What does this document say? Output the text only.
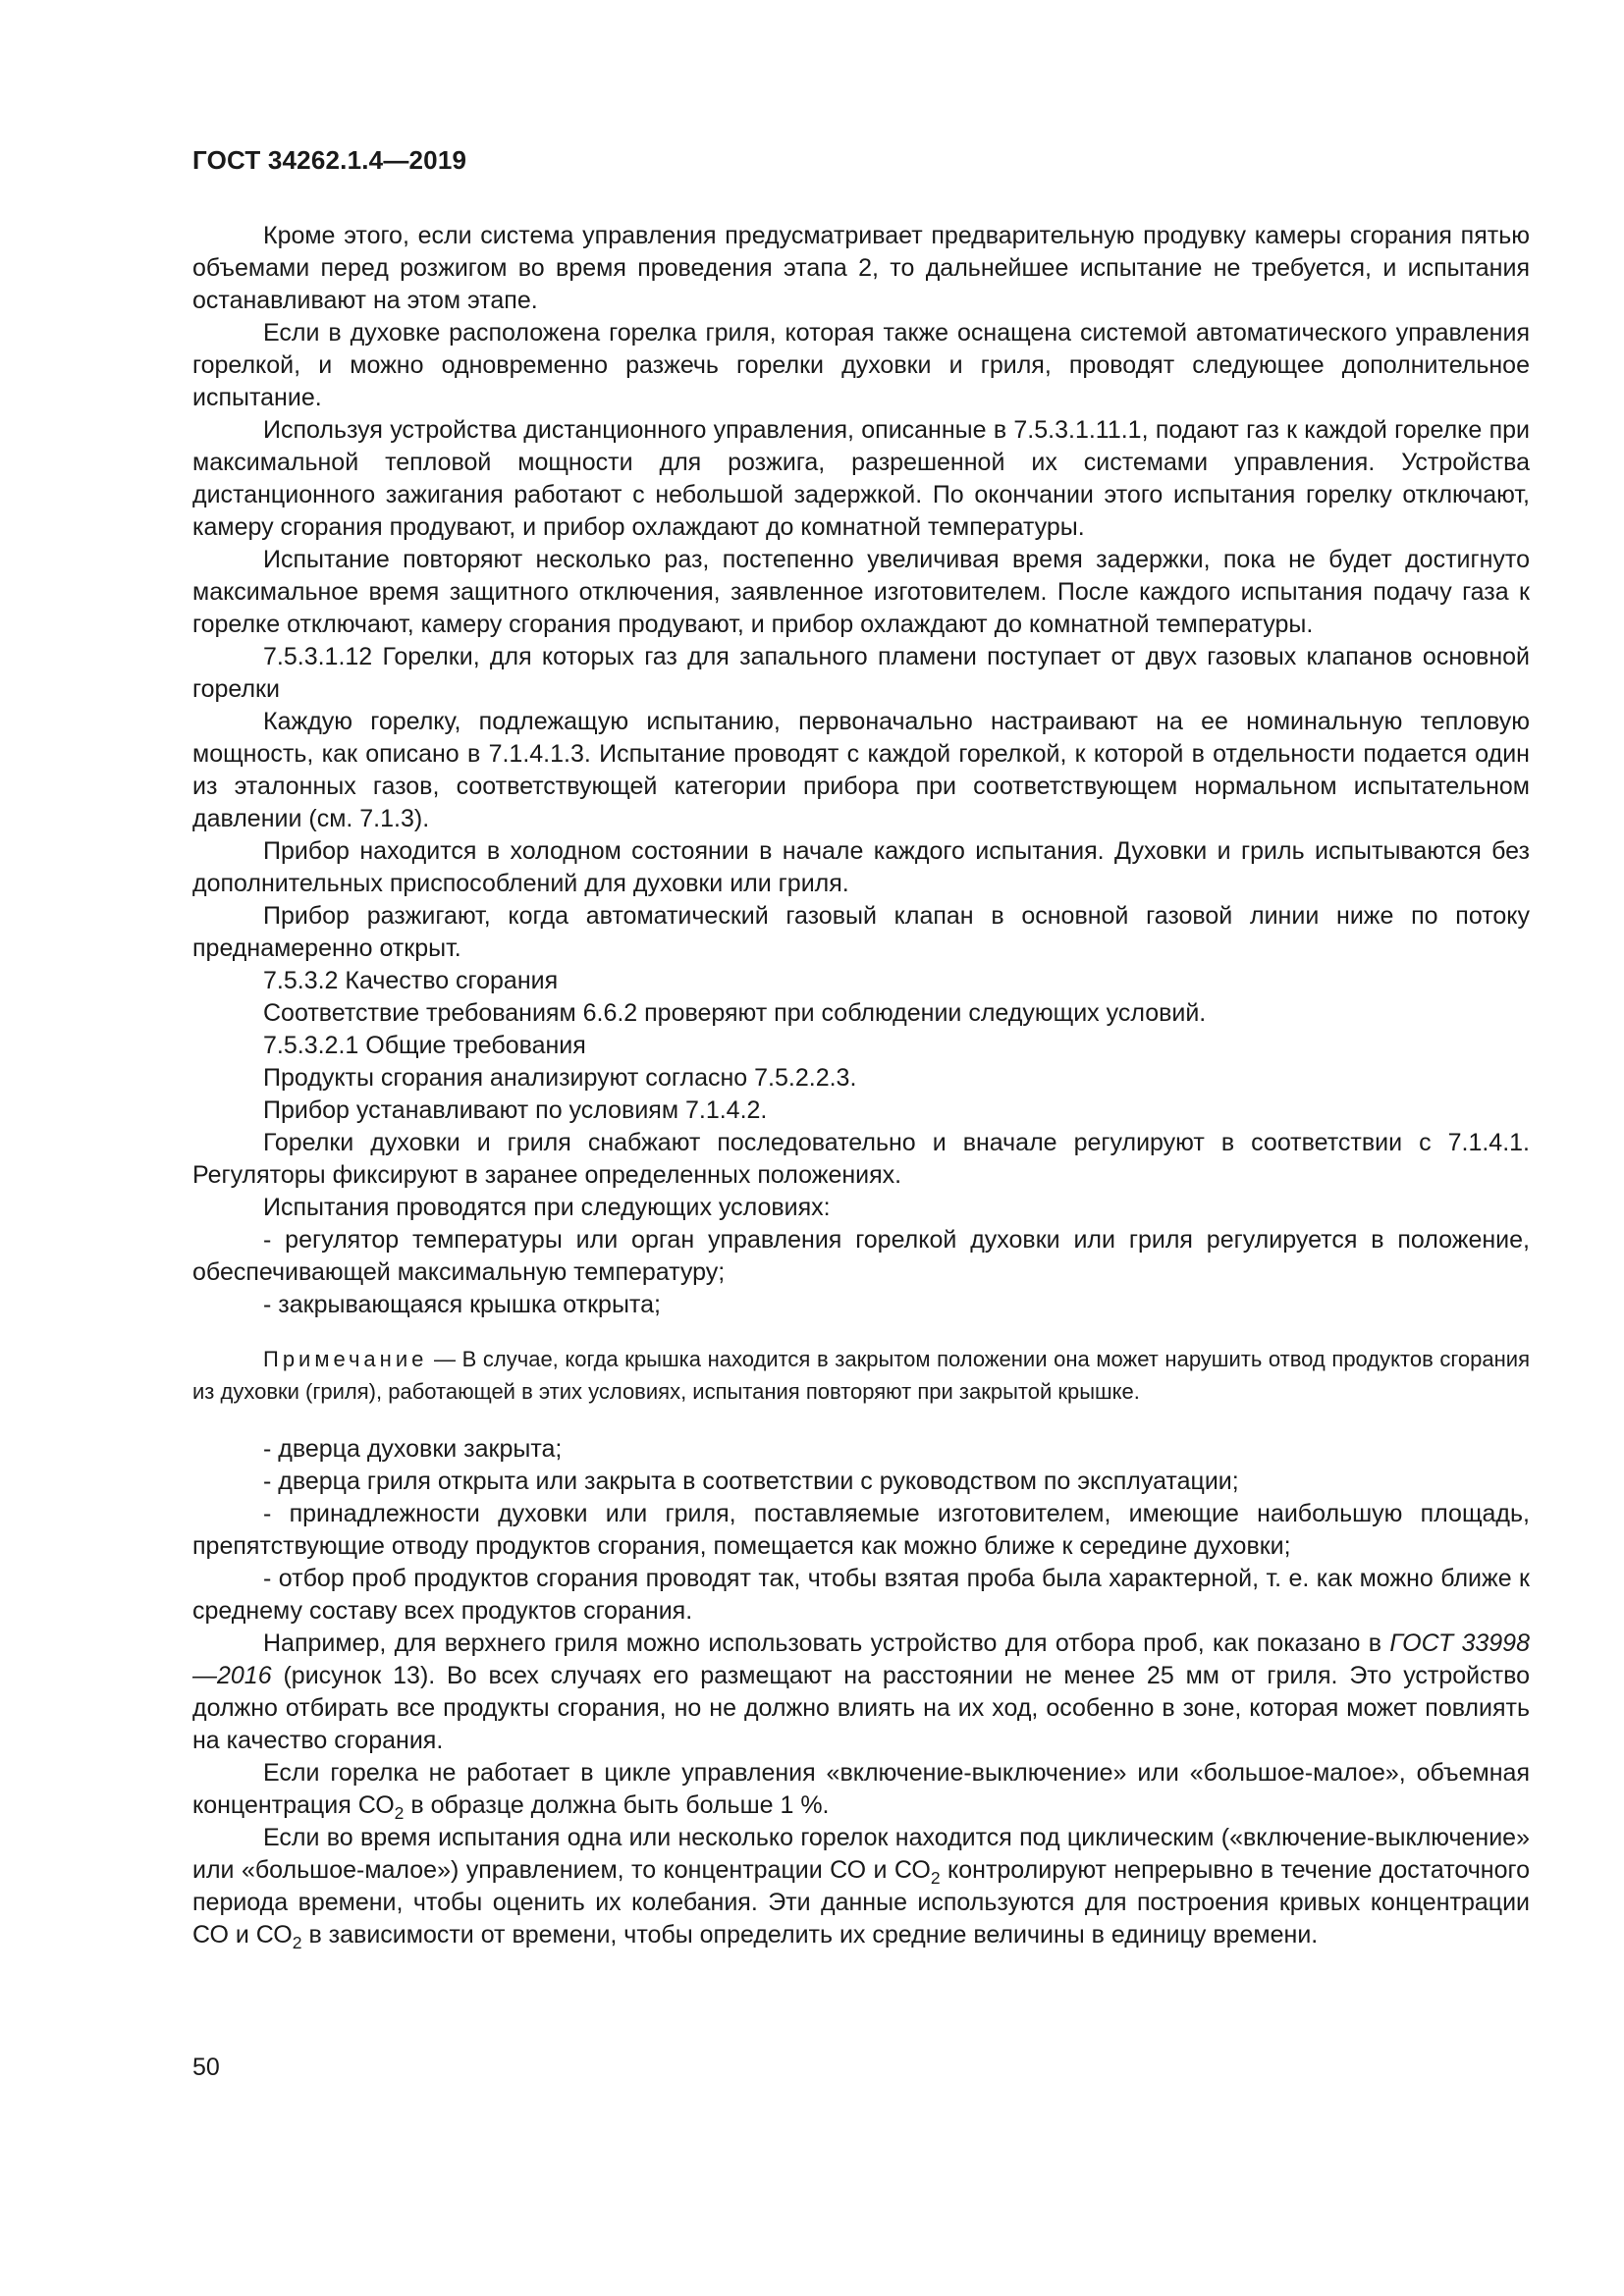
ГОСТ 34262.1.4—2019

Кроме этого, если система управления предусматривает предварительную продувку камеры сгорания пятью объемами перед розжигом во время проведения этапа 2, то дальнейшее испытание не требуется, и испытания останавливают на этом этапе.

Если в духовке расположена горелка гриля, которая также оснащена системой автоматического управления горелкой, и можно одновременно разжечь горелки духовки и гриля, проводят следующее дополнительное испытание.

Используя устройства дистанционного управления, описанные в 7.5.3.1.11.1, подают газ к каждой горелке при максимальной тепловой мощности для розжига, разрешенной их системами управления. Устройства дистанционного зажигания работают с небольшой задержкой. По окончании этого испытания горелку отключают, камеру сгорания продувают, и прибор охлаждают до комнатной температуры.

Испытание повторяют несколько раз, постепенно увеличивая время задержки, пока не будет достигнуто максимальное время защитного отключения, заявленное изготовителем. После каждого испытания подачу газа к горелке отключают, камеру сгорания продувают, и прибор охлаждают до комнатной температуры.

7.5.3.1.12 Горелки, для которых газ для запального пламени поступает от двух газовых клапанов основной горелки

Каждую горелку, подлежащую испытанию, первоначально настраивают на ее номинальную тепловую мощность, как описано в 7.1.4.1.3. Испытание проводят с каждой горелкой, к которой в отдельности подается один из эталонных газов, соответствующей категории прибора при соответствующем нормальном испытательном давлении (см. 7.1.3).

Прибор находится в холодном состоянии в начале каждого испытания. Духовки и гриль испытываются без дополнительных приспособлений для духовки или гриля.

Прибор разжигают, когда автоматический газовый клапан в основной газовой линии ниже по потоку преднамеренно открыт.

7.5.3.2 Качество сгорания

Соответствие требованиям 6.6.2 проверяют при соблюдении следующих условий.

7.5.3.2.1 Общие требования

Продукты сгорания анализируют согласно 7.5.2.2.3.

Прибор устанавливают по условиям 7.1.4.2.

Горелки духовки и гриля снабжают последовательно и вначале регулируют в соответствии с 7.1.4.1. Регуляторы фиксируют в заранее определенных положениях.

Испытания проводятся при следующих условиях:

- регулятор температуры или орган управления горелкой духовки или гриля регулируется в положение, обеспечивающей максимальную температуру;

- закрывающаяся крышка открыта;

Примечание — В случае, когда крышка находится в закрытом положении она может нарушить отвод продуктов сгорания из духовки (гриля), работающей в этих условиях, испытания повторяют при закрытой крышке.

- дверца духовки закрыта;

- дверца гриля открыта или закрыта в соответствии с руководством по эксплуатации;

- принадлежности духовки или гриля, поставляемые изготовителем, имеющие наибольшую площадь, препятствующие отводу продуктов сгорания, помещается как можно ближе к середине духовки;

- отбор проб продуктов сгорания проводят так, чтобы взятая проба была характерной, т. е. как можно ближе к среднему составу всех продуктов сгорания.

Например, для верхнего гриля можно использовать устройство для отбора проб, как показано в ГОСТ 33998—2016 (рисунок 13). Во всех случаях его размещают на расстоянии не менее 25 мм от гриля. Это устройство должно отбирать все продукты сгорания, но не должно влиять на их ход, особенно в зоне, которая может повлиять на качество сгорания.

Если горелка не работает в цикле управления «включение-выключение» или «большое-малое», объемная концентрация $СО_2$ в образце должна быть больше 1 %.

Если во время испытания одна или несколько горелок находится под циклическим («включение-выключение» или «большое-малое») управлением, то концентрации СО и $СО_2$ контролируют непрерывно в течение достаточного периода времени, чтобы оценить их колебания. Эти данные используются для построения кривых концентрации СО и $СО_2$ в зависимости от времени, чтобы определить их средние величины в единицу времени.

50
